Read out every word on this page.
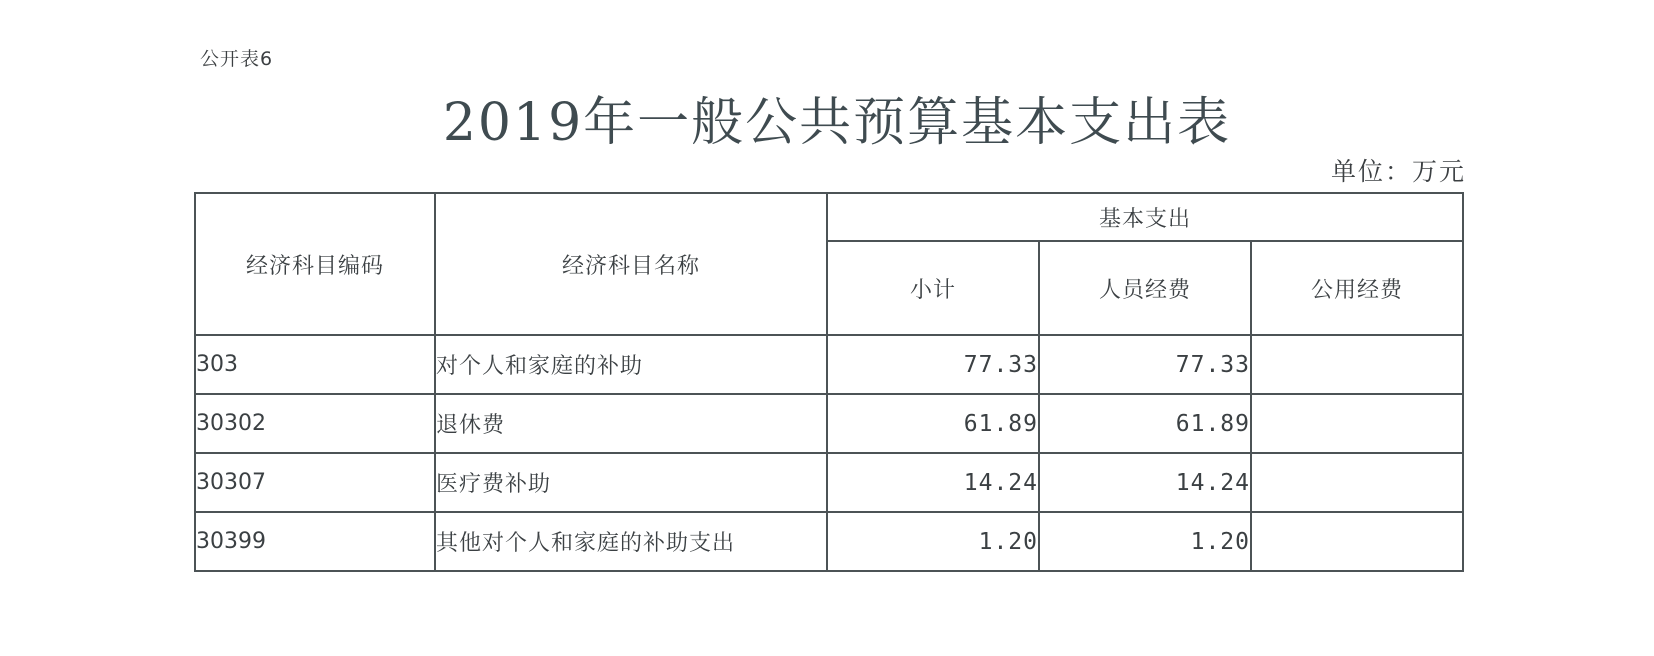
公开表6
2019年一般公共预算基本支出表
单位：万元
经济科目编码	经济科目名称	基本支出		
		小计	人员经费	公用经费
303	对个人和家庭的补助	77.33	77.33	
30302	退休费	61.89	61.89	
30307	医疗费补助	14.24	14.24	
30399	其他对个人和家庭的补助支出	1.20	1.20	
